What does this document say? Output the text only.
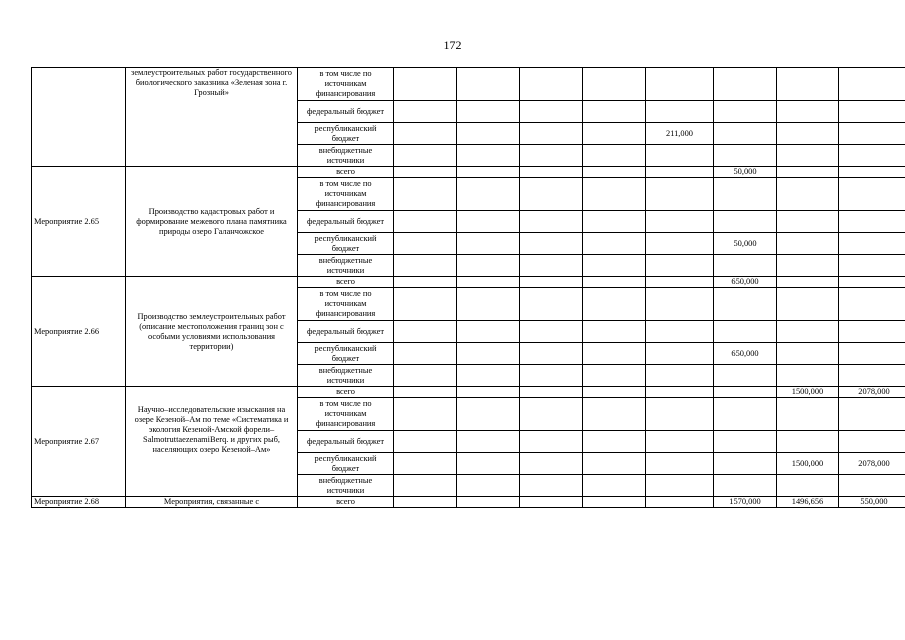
172
	землеустроительных работ государственного биологического заказника «Зеленая зона г. Грозный»	в том числе по источникам финансирования								
		федеральный бюджет								
		республиканский бюджет					211,000			
		внебюджетные источники								
Мероприятие 2.65	Производство кадастровых работ и формирование межевого плана памятника природы озеро Галанчожское	всего						50,000		
		в том числе по источникам финансирования								
		федеральный бюджет								
		республиканский бюджет						50,000		
		внебюджетные источники								
Мероприятие 2.66	Производство землеустроительных работ (описание местоположения границ зон с особыми условиями использования территории)	всего						650,000		
		в том числе по источникам финансирования								
		федеральный бюджет								
		республиканский бюджет						650,000		
		внебюджетные источники								
Мероприятие 2.67	Научно–исследовательские изыскания на озере Кезеной–Ам по теме «Систематика и экология Кезеной-Амской форели– SalmotruttaezenamiBerq. и других рыб, населяющих озеро Кезеной–Ам»	всего							1500,000	2078,000
		в том числе по источникам финансирования								
		федеральный бюджет								
		республиканский бюджет							1500,000	2078,000
		внебюджетные источники								
Мероприятие 2.68	Мероприятия, связанные с	всего						1570,000	1496,656	550,000
